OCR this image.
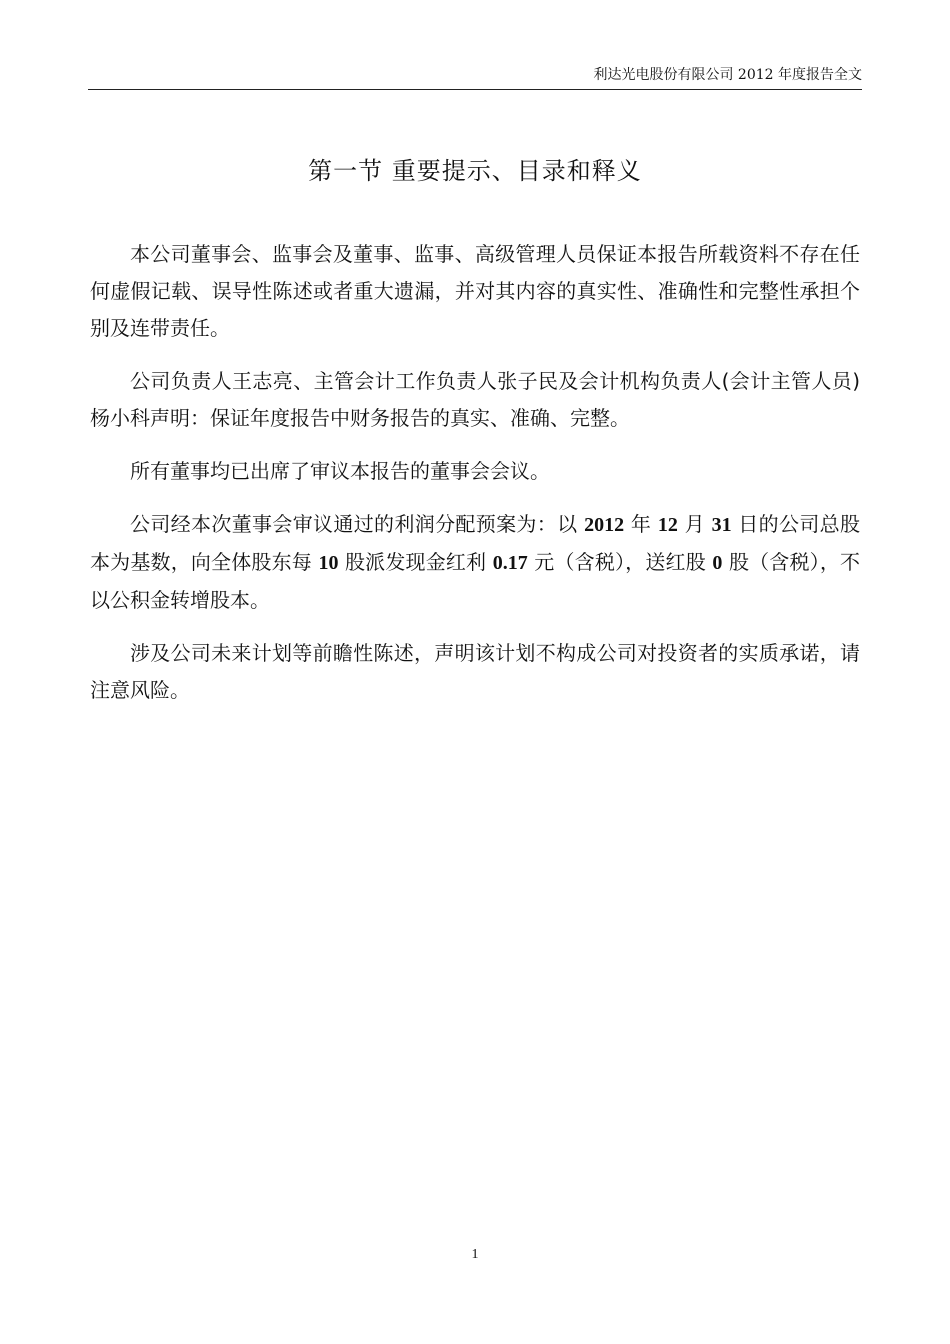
利达光电股份有限公司 2012 年度报告全文
第一节 重要提示、目录和释义

本公司董事会、监事会及董事、监事、高级管理人员保证本报告所载资料不存在任何虚假记载、误导性陈述或者重大遗漏，并对其内容的真实性、准确性和完整性承担个别及连带责任。

公司负责人王志亮、主管会计工作负责人张子民及会计机构负责人(会计主管人员)杨小科声明：保证年度报告中财务报告的真实、准确、完整。

所有董事均已出席了审议本报告的董事会会议。

公司经本次董事会审议通过的利润分配预案为：以 2012 年 12 月 31 日的公司总股本为基数，向全体股东每 10 股派发现金红利 0.17 元（含税），送红股 0 股（含税），不以公积金转增股本。

涉及公司未来计划等前瞻性陈述，声明该计划不构成公司对投资者的实质承诺，请注意风险。

1
